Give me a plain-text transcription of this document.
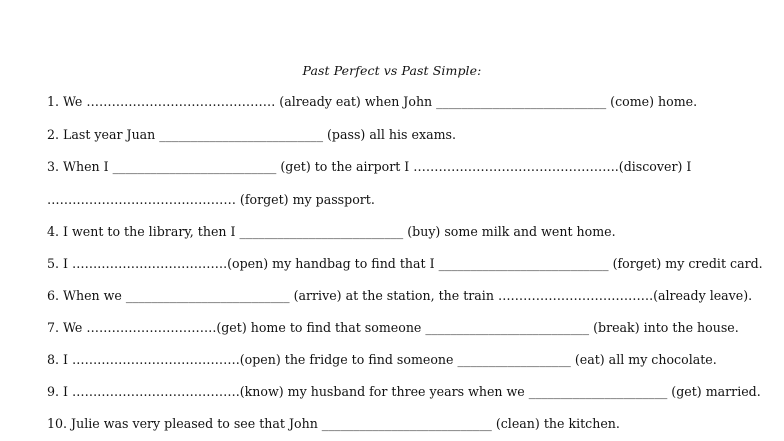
Past Perfect vs Past Simple:
1. We ……………………………………… (already eat) when John ___________________________ (come) home.
2. Last year Juan __________________________ (pass) all his exams.
3. When I __________________________ (get) to the airport I ………………………………………….(discover) I
……………………………………… (forget) my passport.
4. I went to the library, then I __________________________ (buy) some milk and went home.
5. I ……………………………….(open) my handbag to find that I ___________________________ (forget) my credit card.
6. When we __________________________ (arrive) at the station, the train ……………………………….(already leave).
7. We ………………………….(get) home to find that someone __________________________ (break) into the house.
8. I ………………………………….(open) the fridge to find someone __________________ (eat) all my chocolate.
9. I ………………………………….(know) my husband for three years when we ______________________ (get) married.
10. Julie was very pleased to see that John ___________________________ (clean) the kitchen.
